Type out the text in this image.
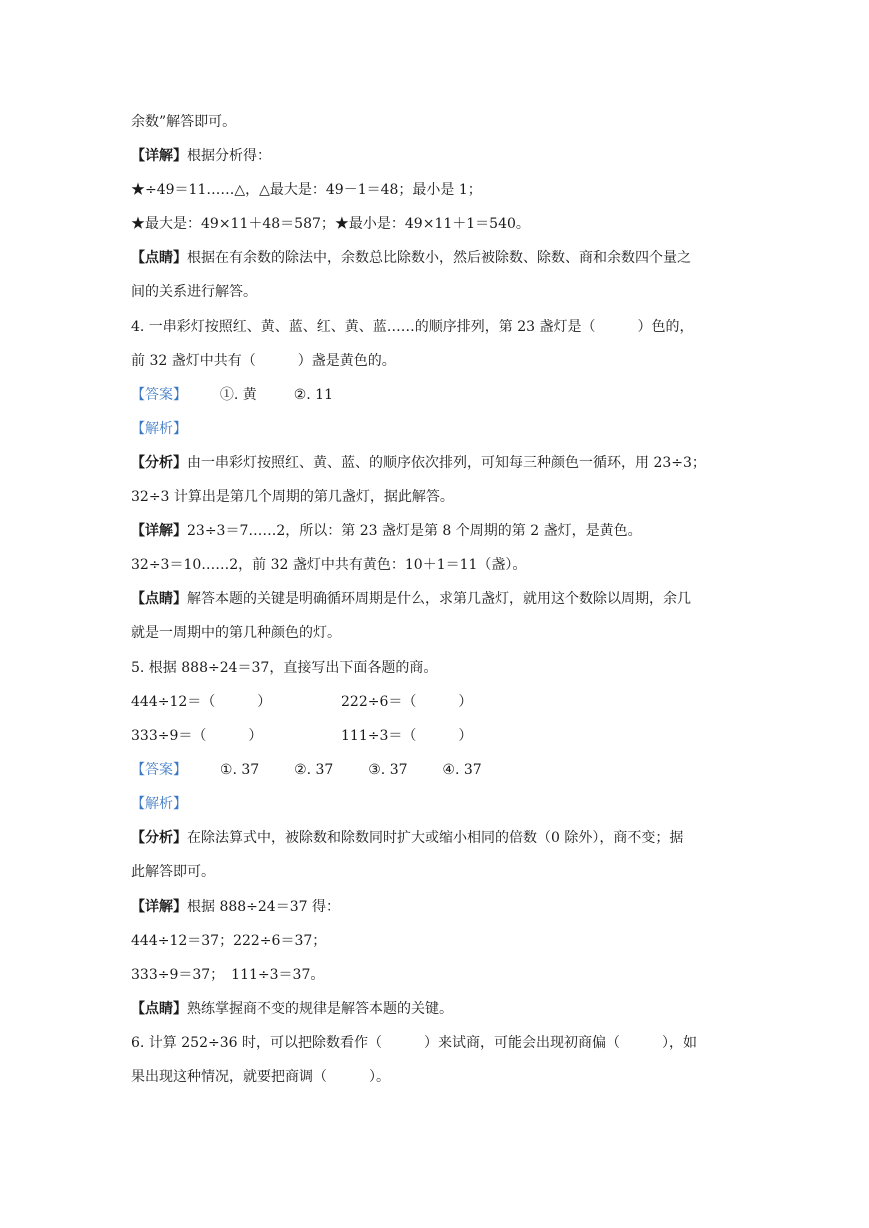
余数”解答即可。
【详解】根据分析得：
★÷49＝11……△，△最大是：49－1＝48；最小是 1；
★最大是：49×11＋48＝587；★最小是：49×11＋1＝540。
【点睛】根据在有余数的除法中，余数总比除数小，然后被除数、除数、商和余数四个量之
间的关系进行解答。
4. 一串彩灯按照红、黄、蓝、红、黄、蓝……的顺序排列，第 23 盏灯是（　　　）色的，
前 32 盏灯中共有（　　　）盏是黄色的。
【答案】 ①. 黄	②. 11
【解析】
【分析】由一串彩灯按照红、黄、蓝、的顺序依次排列，可知每三种颜色一循环，用 23÷3；
32÷3 计算出是第几个周期的第几盏灯，据此解答。
【详解】23÷3＝7……2，所以：第 23 盏灯是第 8 个周期的第 2 盏灯，是黄色。
32÷3＝10……2，前 32 盏灯中共有黄色：10＋1＝11（盏）。
【点睛】解答本题的关键是明确循环周期是什么，求第几盏灯，就用这个数除以周期，余几
就是一周期中的第几种颜色的灯。
5. 根据 888÷24＝37，直接写出下面各题的商。
444÷12＝（　　　）	222÷6＝（　　　）
333÷9＝（　　　）	111÷3＝（　　　）
【答案】 ①. 37 ②. 37 ③. 37 ④. 37
【解析】
【分析】在除法算式中，被除数和除数同时扩大或缩小相同的倍数（0 除外），商不变；据
此解答即可。
【详解】根据 888÷24＝37 得：
444÷12＝37；222÷6＝37；
333÷9＝37；　111÷3＝37。
【点睛】熟练掌握商不变的规律是解答本题的关键。
6. 计算 252÷36 时，可以把除数看作（　　　）来试商，可能会出现初商偏（　　　），如
果出现这种情况，就要把商调（　　　）。
